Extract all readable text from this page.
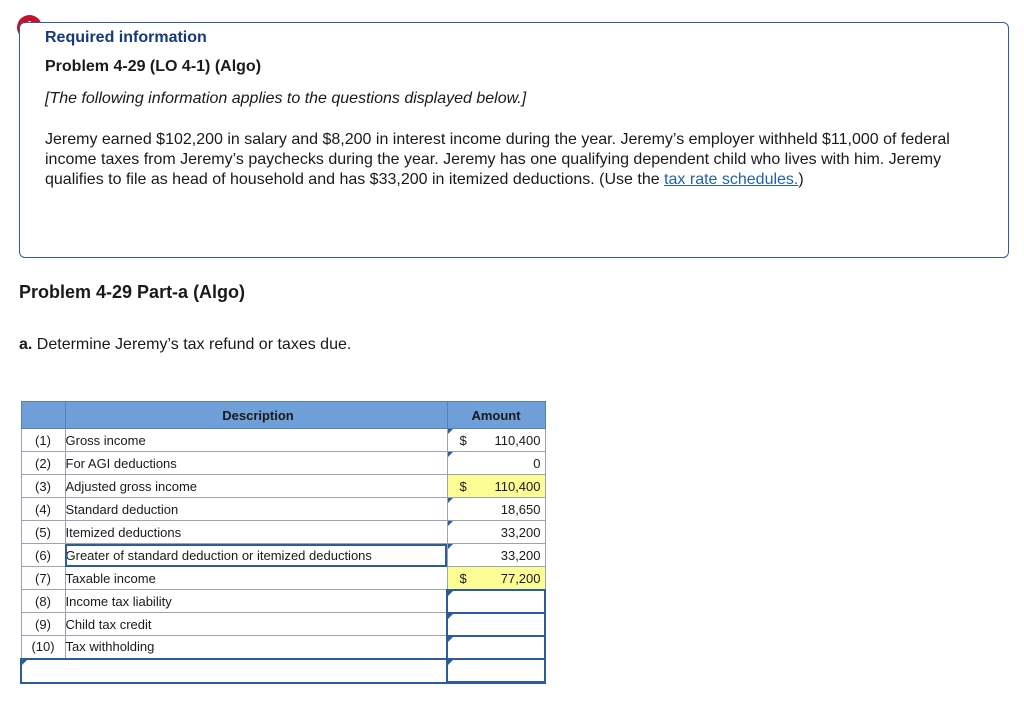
Required information
Problem 4-29 (LO 4-1) (Algo)
[The following information applies to the questions displayed below.]
Jeremy earned $102,200 in salary and $8,200 in interest income during the year. Jeremy’s employer withheld $11,000 of federal income taxes from Jeremy’s paychecks during the year. Jeremy has one qualifying dependent child who lives with him. Jeremy qualifies to file as head of household and has $33,200 in itemized deductions. (Use the tax rate schedules.)
Problem 4-29 Part-a (Algo)
a. Determine Jeremy’s tax refund or taxes due.
	Description	Amount
(1)	Gross income	$ 110,400

(2)	For AGI deductions	0

(3)	Adjusted gross income	$ 110,400

(4)	Standard deduction	18,650

(5)	Itemized deductions	33,200

(6)	Greater of standard deduction or itemized deductions	33,200

(7)	Taxable income	$ 77,200

(8)	Income tax liability	

(9)	Child tax credit	

(10)	Tax withholding	
